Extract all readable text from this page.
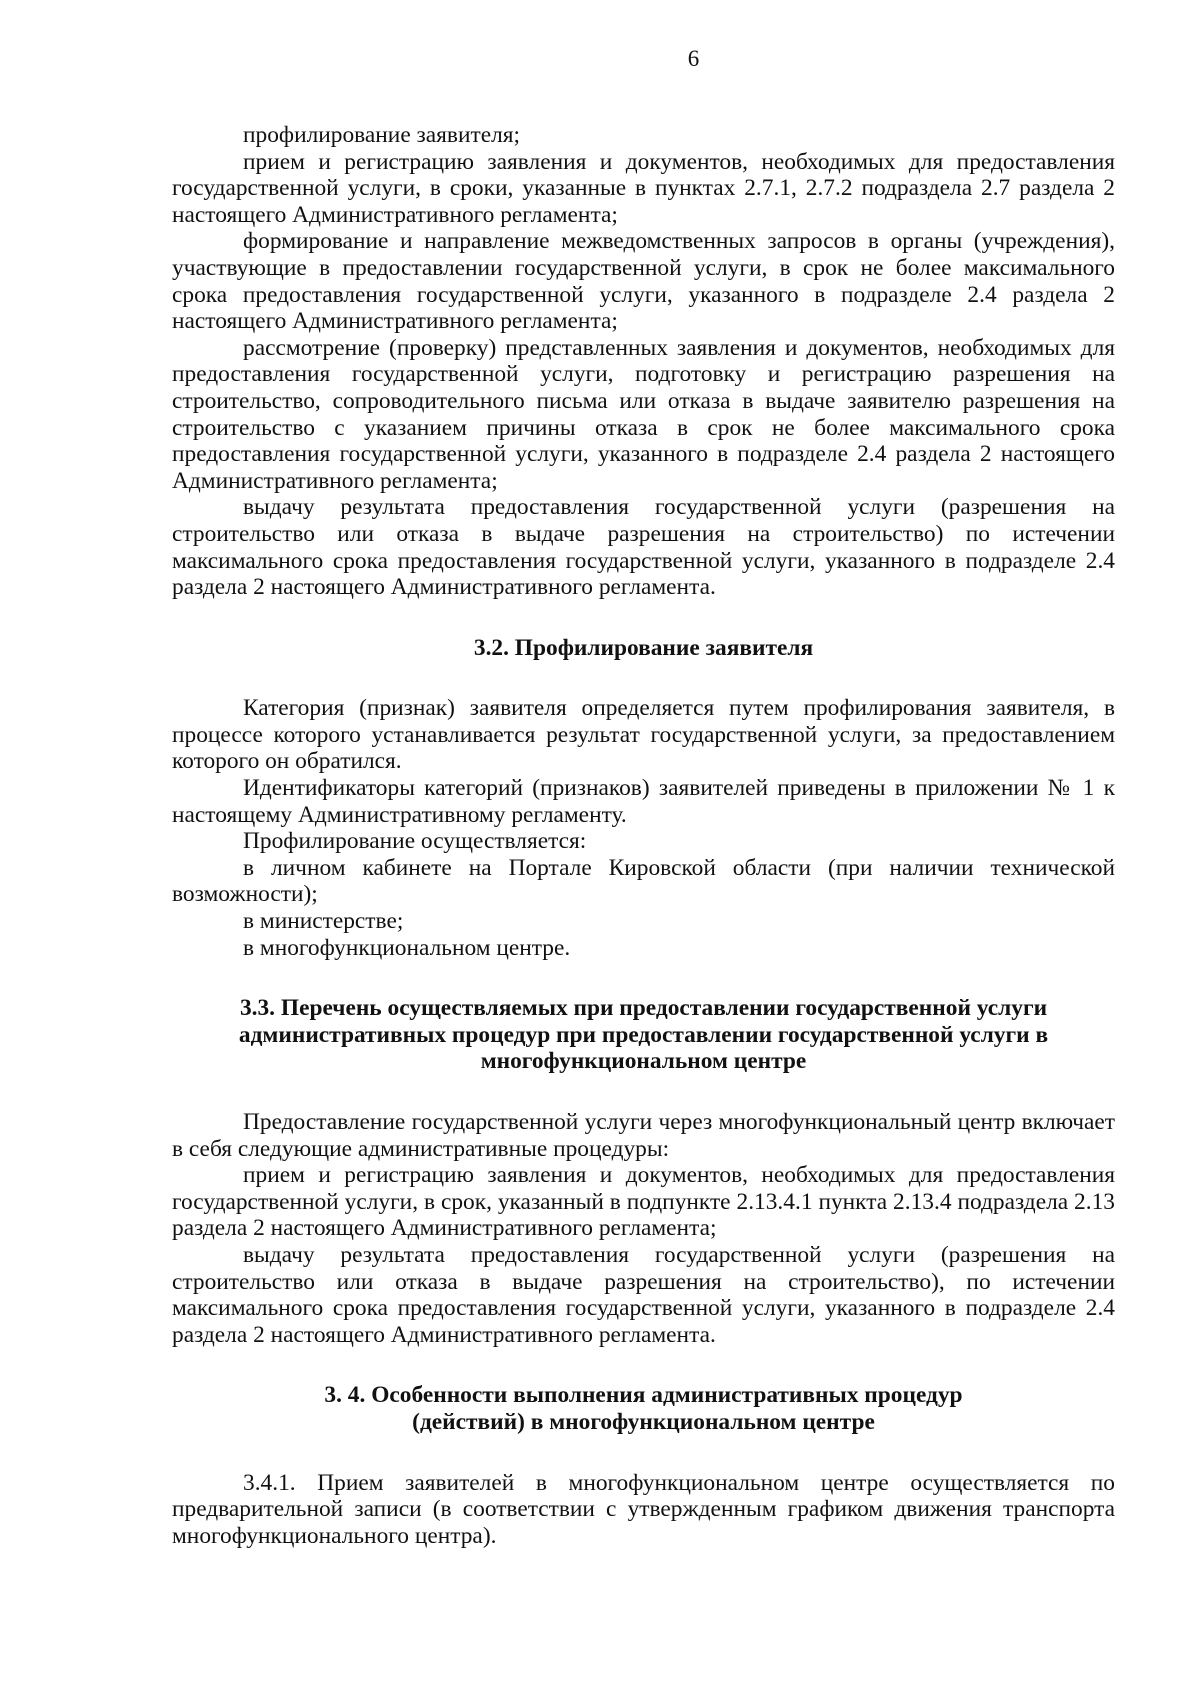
6

профилирование заявителя;

прием и регистрацию заявления и документов, необходимых для предоставления государственной услуги, в сроки, указанные в пунктах 2.7.1, 2.7.2 подраздела 2.7 раздела 2 настоящего Административного регламента;

формирование и направление межведомственных запросов в органы (учреждения), участвующие в предоставлении государственной услуги, в срок не более максимального срока предоставления государственной услуги, указанного в подразделе 2.4 раздела 2 настоящего Административного регламента;

рассмотрение (проверку) представленных заявления и документов, необходимых для предоставления государственной услуги, подготовку и регистрацию разрешения на строительство, сопроводительного письма или отказа в выдаче заявителю разрешения на строительство с указанием причины отказа в срок не более максимального срока предоставления государственной услуги, указанного в подразделе 2.4 раздела 2 настоящего Административного регламента;

выдачу результата предоставления государственной услуги (разрешения на строительство или отказа в выдаче разрешения на строительство) по истечении максимального срока предоставления государственной услуги, указанного в подразделе 2.4 раздела 2 настоящего Административного регламента.

3.2. Профилирование заявителя

Категория (признак) заявителя определяется путем профилирования заявителя, в процессе которого устанавливается результат государственной услуги, за предоставлением которого он обратился.

Идентификаторы категорий (признаков) заявителей приведены в приложении № 1 к настоящему Административному регламенту.

Профилирование осуществляется:

в личном кабинете на Портале Кировской области (при наличии технической возможности);

в министерстве;

в многофункциональном центре.

3.3. Перечень осуществляемых при предоставлении государственной услуги
административных процедур при предоставлении государственной услуги в
многофункциональном центре

Предоставление государственной услуги через многофункциональный центр включает в себя следующие административные процедуры:

прием и регистрацию заявления и документов, необходимых для предоставления государственной услуги, в срок, указанный в подпункте 2.13.4.1 пункта 2.13.4 подраздела 2.13 раздела 2 настоящего Административного регламента;

выдачу результата предоставления государственной услуги (разрешения на строительство или отказа в выдаче разрешения на строительство), по истечении максимального срока предоставления государственной услуги, указанного в подразделе 2.4 раздела 2 настоящего Административного регламента.

3. 4. Особенности выполнения административных процедур
(действий) в многофункциональном центре

3.4.1. Прием заявителей в многофункциональном центре осуществляется по предварительной записи (в соответствии с утвержденным графиком движения транспорта многофункционального центра).
